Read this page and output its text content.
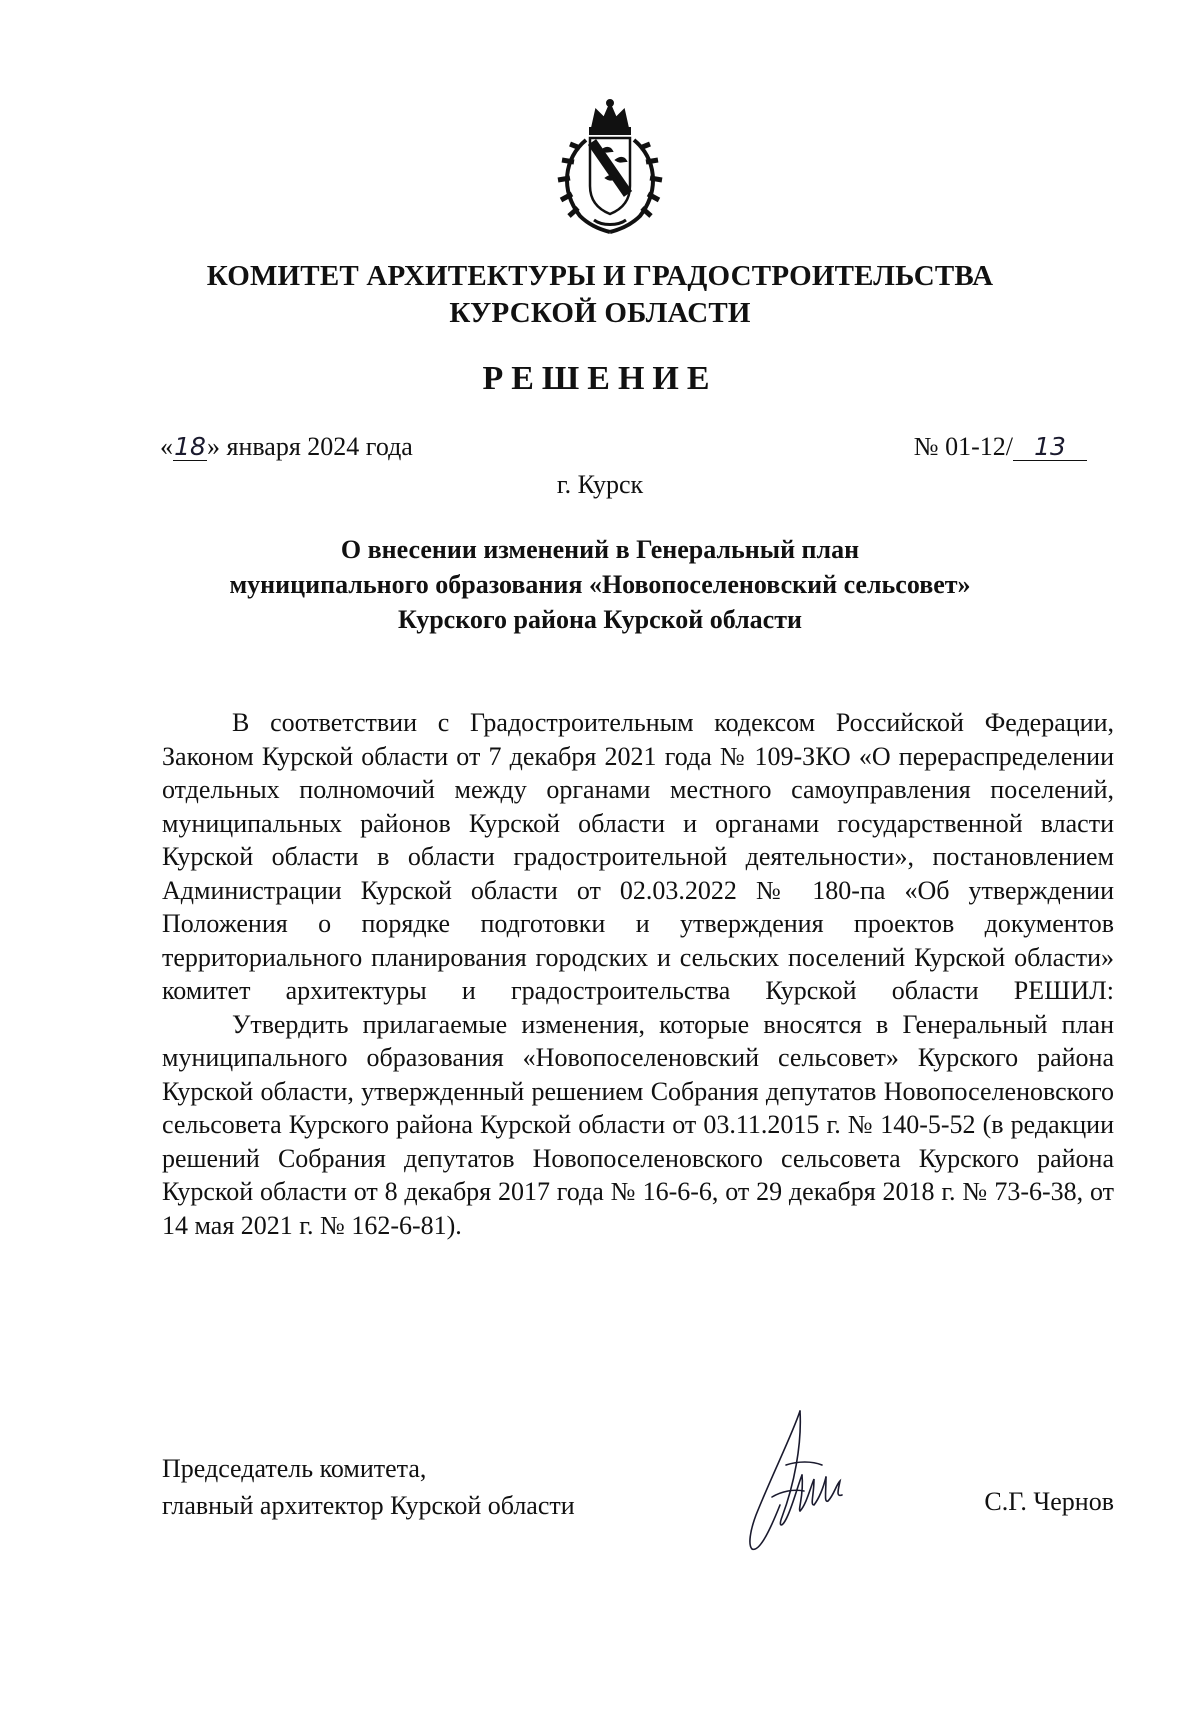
КОМИТЕТ АРХИТЕКТУРЫ И ГРАДОСТРОИТЕЛЬСТВА
КУРСКОЙ ОБЛАСТИ
РЕШЕНИЕ
«18» января 2024 года	№ 01-12/ 13
г. Курск
О внесении изменений в Генеральный план
муниципального образования «Новопоселеновский сельсовет»
Курского района Курской области

В соответствии с Градостроительным кодексом Российской Федерации, Законом Курской области от 7 декабря 2021 года № 109-ЗКО «О перераспределении отдельных полномочий между органами местного самоуправления поселений, муниципальных районов Курской области и органами государственной власти Курской области в области градостроительной деятельности», постановлением Администрации Курской области от 02.03.2022 № 180-па «Об утверждении Положения о порядке подготовки и утверждения проектов документов территориального планирования городских и сельских поселений Курской области» комитет архитектуры и градостроительства Курской области РЕШИЛ:

Утвердить прилагаемые изменения, которые вносятся в Генеральный план муниципального образования «Новопоселеновский сельсовет» Курского района Курской области, утвержденный решением Собрания депутатов Новопоселеновского сельсовета Курского района Курской области от 03.11.2015 г. № 140-5-52 (в редакции решений Собрания депутатов Новопоселеновского сельсовета Курского района Курской области от 8 декабря 2017 года № 16-6-6, от 29 декабря 2018 г. № 73-6-38, от 14 мая 2021 г. № 162-6-81).

Председатель комитета,
главный архитектор Курской области	С.Г. Чернов
